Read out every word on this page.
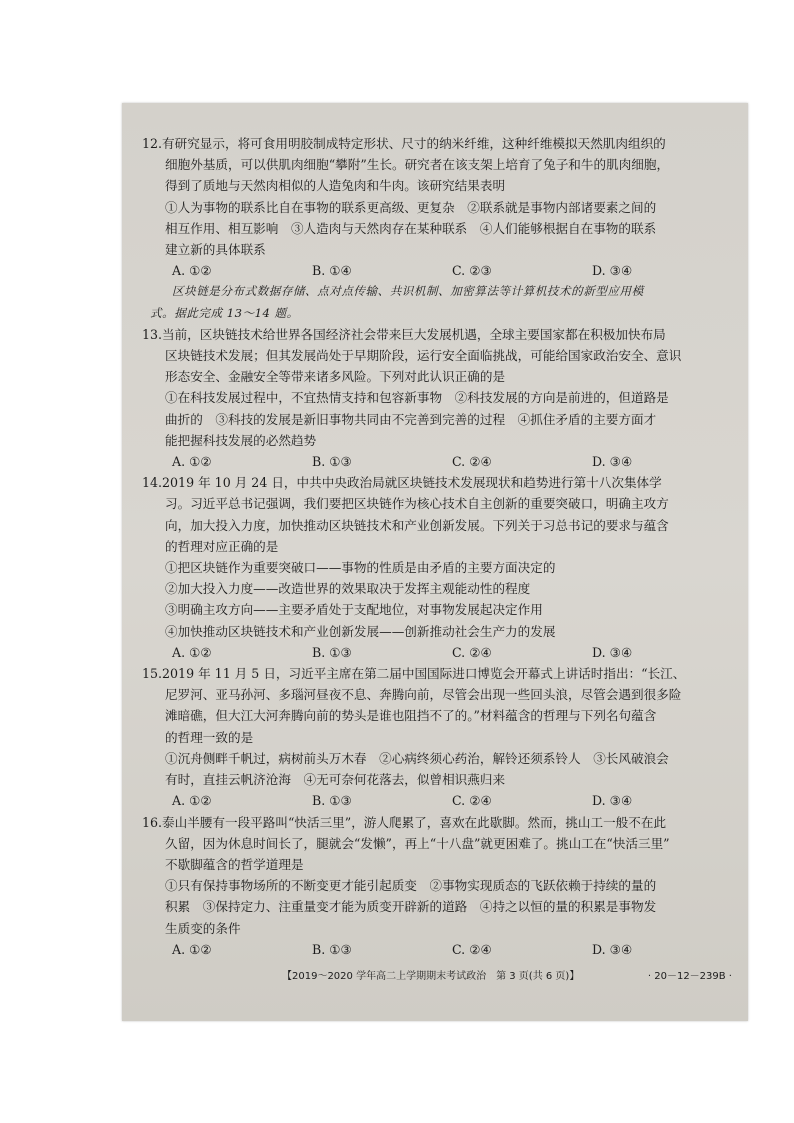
12.有研究显示，将可食用明胶制成特定形状、尺寸的纳米纤维，这种纤维模拟天然肌肉组织的
细胞外基质，可以供肌肉细胞“攀附”生长。研究者在该支架上培育了兔子和牛的肌肉细胞，
得到了质地与天然肉相似的人造兔肉和牛肉。该研究结果表明
①人为事物的联系比自在事物的联系更高级、更复杂　②联系就是事物内部诸要素之间的
相互作用、相互影响　③人造肉与天然肉存在某种联系　④人们能够根据自在事物的联系
建立新的具体联系
A. ①②	B. ①④	C. ②③	D. ③④
区块链是分布式数据存储、点对点传输、共识机制、加密算法等计算机技术的新型应用模
式。据此完成 13～14 题。
13.当前，区块链技术给世界各国经济社会带来巨大发展机遇，全球主要国家都在积极加快布局
区块链技术发展；但其发展尚处于早期阶段，运行安全面临挑战，可能给国家政治安全、意识
形态安全、金融安全等带来诸多风险。下列对此认识正确的是
①在科技发展过程中，不宜热情支持和包容新事物　②科技发展的方向是前进的，但道路是
曲折的　③科技的发展是新旧事物共同由不完善到完善的过程　④抓住矛盾的主要方面才
能把握科技发展的必然趋势
A. ①②	B. ①③	C. ②④	D. ③④
14.2019 年 10 月 24 日，中共中央政治局就区块链技术发展现状和趋势进行第十八次集体学
习。习近平总书记强调，我们要把区块链作为核心技术自主创新的重要突破口，明确主攻方
向，加大投入力度，加快推动区块链技术和产业创新发展。下列关于习总书记的要求与蕴含
的哲理对应正确的是
①把区块链作为重要突破口——事物的性质是由矛盾的主要方面决定的
②加大投入力度——改造世界的效果取决于发挥主观能动性的程度
③明确主攻方向——主要矛盾处于支配地位，对事物发展起决定作用
④加快推动区块链技术和产业创新发展——创新推动社会生产力的发展
A. ①②	B. ①③	C. ②④	D. ③④
15.2019 年 11 月 5 日，习近平主席在第二届中国国际进口博览会开幕式上讲话时指出：“长江、
尼罗河、亚马孙河、多瑙河昼夜不息、奔腾向前，尽管会出现一些回头浪，尽管会遇到很多险
滩暗礁，但大江大河奔腾向前的势头是谁也阻挡不了的。”材料蕴含的哲理与下列名句蕴含
的哲理一致的是
①沉舟侧畔千帆过，病树前头万木春　②心病终须心药治，解铃还须系铃人　③长风破浪会
有时，直挂云帆济沧海　④无可奈何花落去，似曾相识燕归来
A. ①②	B. ①③	C. ②④	D. ③④
16.泰山半腰有一段平路叫“快活三里”，游人爬累了，喜欢在此歇脚。然而，挑山工一般不在此
久留，因为休息时间长了，腿就会“发懒”，再上“十八盘”就更困难了。挑山工在“快活三里”
不歇脚蕴含的哲学道理是
①只有保持事物场所的不断变更才能引起质变　②事物实现质态的飞跃依赖于持续的量的
积累　③保持定力、注重量变才能为质变开辟新的道路　④持之以恒的量的积累是事物发
生质变的条件
A. ①②	B. ①③	C. ②④	D. ③④
【2019～2020 学年高二上学期期末考试政治　第 3 页(共 6 页)】	· 20－12－239B ·
